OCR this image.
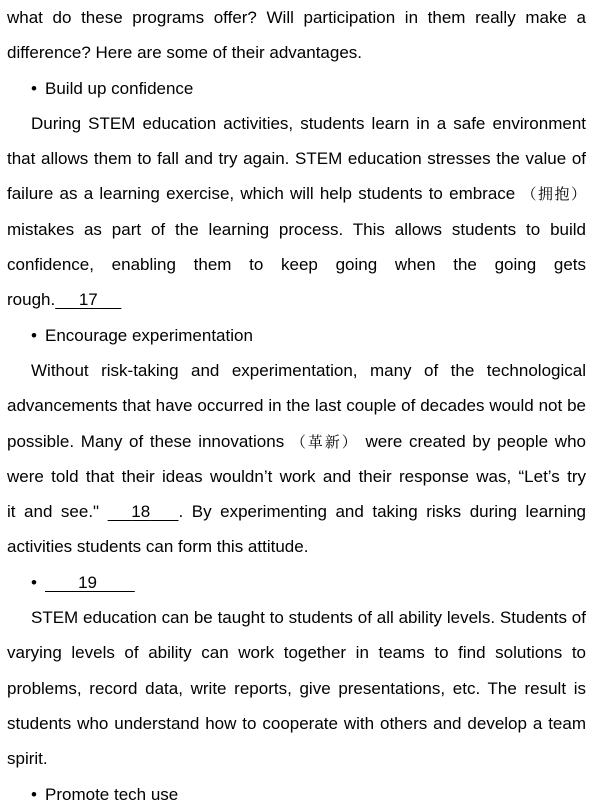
what do these programs offer? Will participation in them really make a
difference? Here are some of their advantages.
• Build up confidence
During STEM education activities, students learn in a safe environment
that allows them to fall and try again. STEM education stresses the value of
failure as a learning exercise, which will help students to embrace （拥抱）
mistakes as part of the learning process. This allows students to build
confidence, enabling them to keep going when the going gets
rough. 17
• Encourage experimentation
Without risk-taking and experimentation, many of the technological
advancements that have occurred in the last couple of decades would not be
possible. Many of these innovations （革新） were created by people who
were told that their ideas wouldn’t work and their response was, “Let’s try
it and see." 18 . By experimenting and taking risks during learning
activities students can form this attitude.
• 19
STEM education can be taught to students of all ability levels. Students of
varying levels of ability can work together in teams to find solutions to
problems, record data, write reports, give presentations, etc. The result is
students who understand how to cooperate with others and develop a team
spirit.
• Promote tech use
